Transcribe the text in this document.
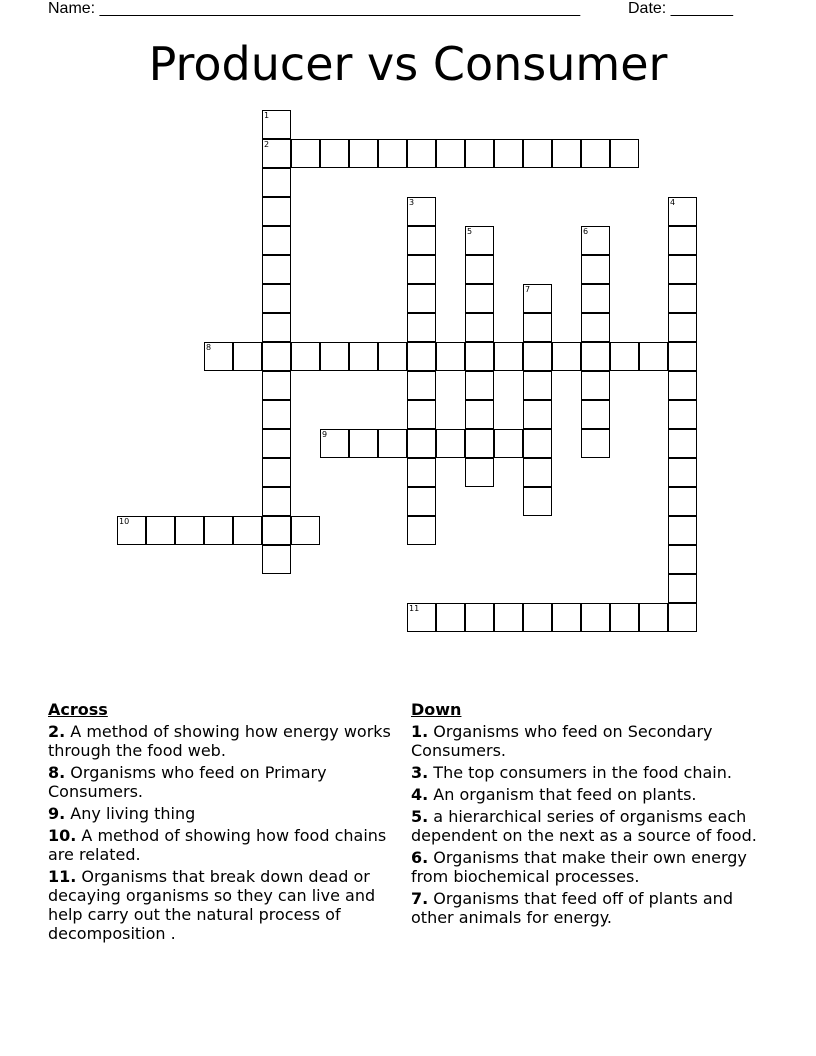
Name: ______________________________________________________	Date: _______
Producer vs Consumer
2
8
9
10
11
1
3	4
5	6
7
Across
2. A method of showing how energy works through the food web.
8. Organisms who feed on Primary Consumers.
9. Any living thing
10. A method of showing how food chains are related.
11. Organisms that break down dead or decaying organisms so they can live and help carry out the natural process of decomposition .
Down
1. Organisms who feed on Secondary Consumers.
3. The top consumers in the food chain.
4. An organism that feed on plants.
5. a hierarchical series of organisms each dependent on the next as a source of food.
6. Organisms that make their own energy from biochemical processes.
7. Organisms that feed off of plants and other animals for energy.
